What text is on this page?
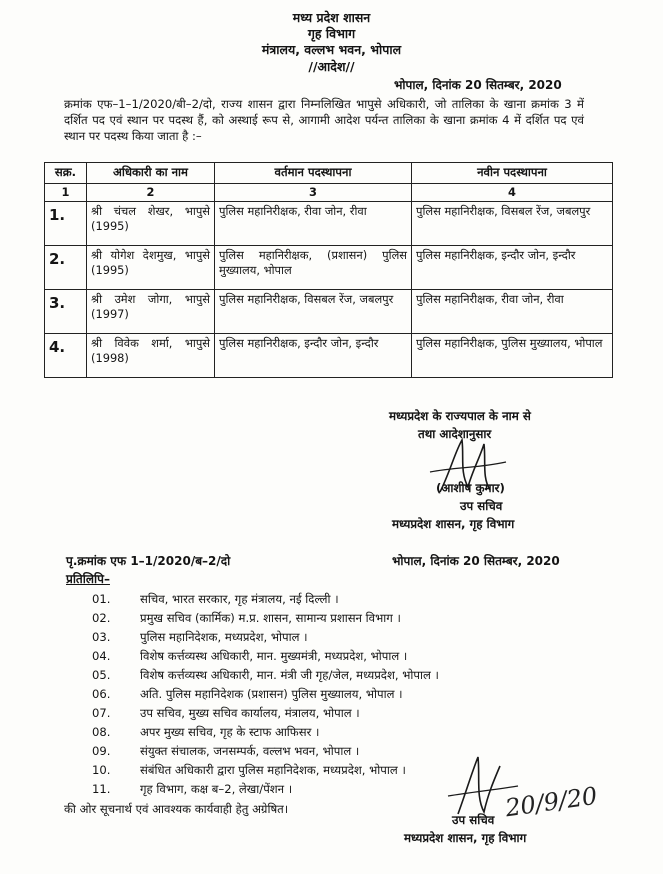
मध्य प्रदेश शासन
गृह विभाग
मंत्रालय, वल्लभ भवन, भोपाल
//आदेश//
भोपाल, दिनांक 20 सितम्बर, 2020
क्रमांक एफ–1–1/2020/बी–2/दो, राज्य शासन द्वारा निम्नलिखित भापुसे अधिकारी, जो तालिका के खाना क्रमांक 3 में दर्शित पद एवं स्थान पर पदस्थ हैं, को अस्थाई रूप से, आगामी आदेश पर्यन्त तालिका के खाना क्रमांक 4 में दर्शित पद एवं स्थान पर पदस्थ किया जाता है :–
सक्र.	अधिकारी का नाम	वर्तमान पदस्थापना	नवीन पदस्थापना
1	2	3	4
1.	श्री चंचल शेखर, भापुसे (1995)	पुलिस महानिरीक्षक, रीवा जोन, रीवा	पुलिस महानिरीक्षक, विसबल रेंज, जबलपुर
2.	श्री योगेश देशमुख, भापुसे (1995)	पुलिस महानिरीक्षक, (प्रशासन) पुलिस मुख्यालय, भोपाल	पुलिस महानिरीक्षक, इन्दौर जोन, इन्दौर
3.	श्री उमेश जोगा, भापुसे (1997)	पुलिस महानिरीक्षक, विसबल रेंज, जबलपुर	पुलिस महानिरीक्षक, रीवा जोन, रीवा
4.	श्री विवेक शर्मा, भापुसे (1998)	पुलिस महानिरीक्षक, इन्दौर जोन, इन्दौर	पुलिस महानिरीक्षक, पुलिस मुख्यालय, भोपाल
मध्यप्रदेश के राज्यपाल के नाम से
तथा आदेशानुसार
(आशीष कुमार)
उप सचिव
मध्यप्रदेश शासन, गृह विभाग
पृ.क्रमांक एफ 1–1/2020/ब–2/दो	भोपाल, दिनांक 20 सितम्बर, 2020
प्रतिलिपि–
01.	सचिव, भारत सरकार, गृह मंत्रालय, नई दिल्ली ।
02.	प्रमुख सचिव (कार्मिक) म.प्र. शासन, सामान्य प्रशासन विभाग ।
03.	पुलिस महानिदेशक, मध्यप्रदेश, भोपाल ।
04.	विशेष कर्त्तव्यस्थ अधिकारी, मान. मुख्यमंत्री, मध्यप्रदेश, भोपाल ।
05.	विशेष कर्त्तव्यस्थ अधिकारी, मान. मंत्री जी गृह/जेल, मध्यप्रदेश, भोपाल ।
06.	अति. पुलिस महानिदेशक (प्रशासन) पुलिस मुख्यालय, भोपाल ।
07.	उप सचिव, मुख्य सचिव कार्यालय, मंत्रालय, भोपाल ।
08.	अपर मुख्य सचिव, गृह के स्टाफ आफिसर ।
09.	संयुक्त संचालक, जनसम्पर्क, वल्लभ भवन, भोपाल ।
10.	संबंधित अधिकारी द्वारा पुलिस महानिदेशक, मध्यप्रदेश, भोपाल ।
11.	गृह विभाग, कक्ष ब–2, लेखा/पेंशन ।
की ओर सूचनार्थ एवं आवश्यक कार्यवाही हेतु अग्रेषित।	20/9/20
उप सचिव
मध्यप्रदेश शासन, गृह विभाग
